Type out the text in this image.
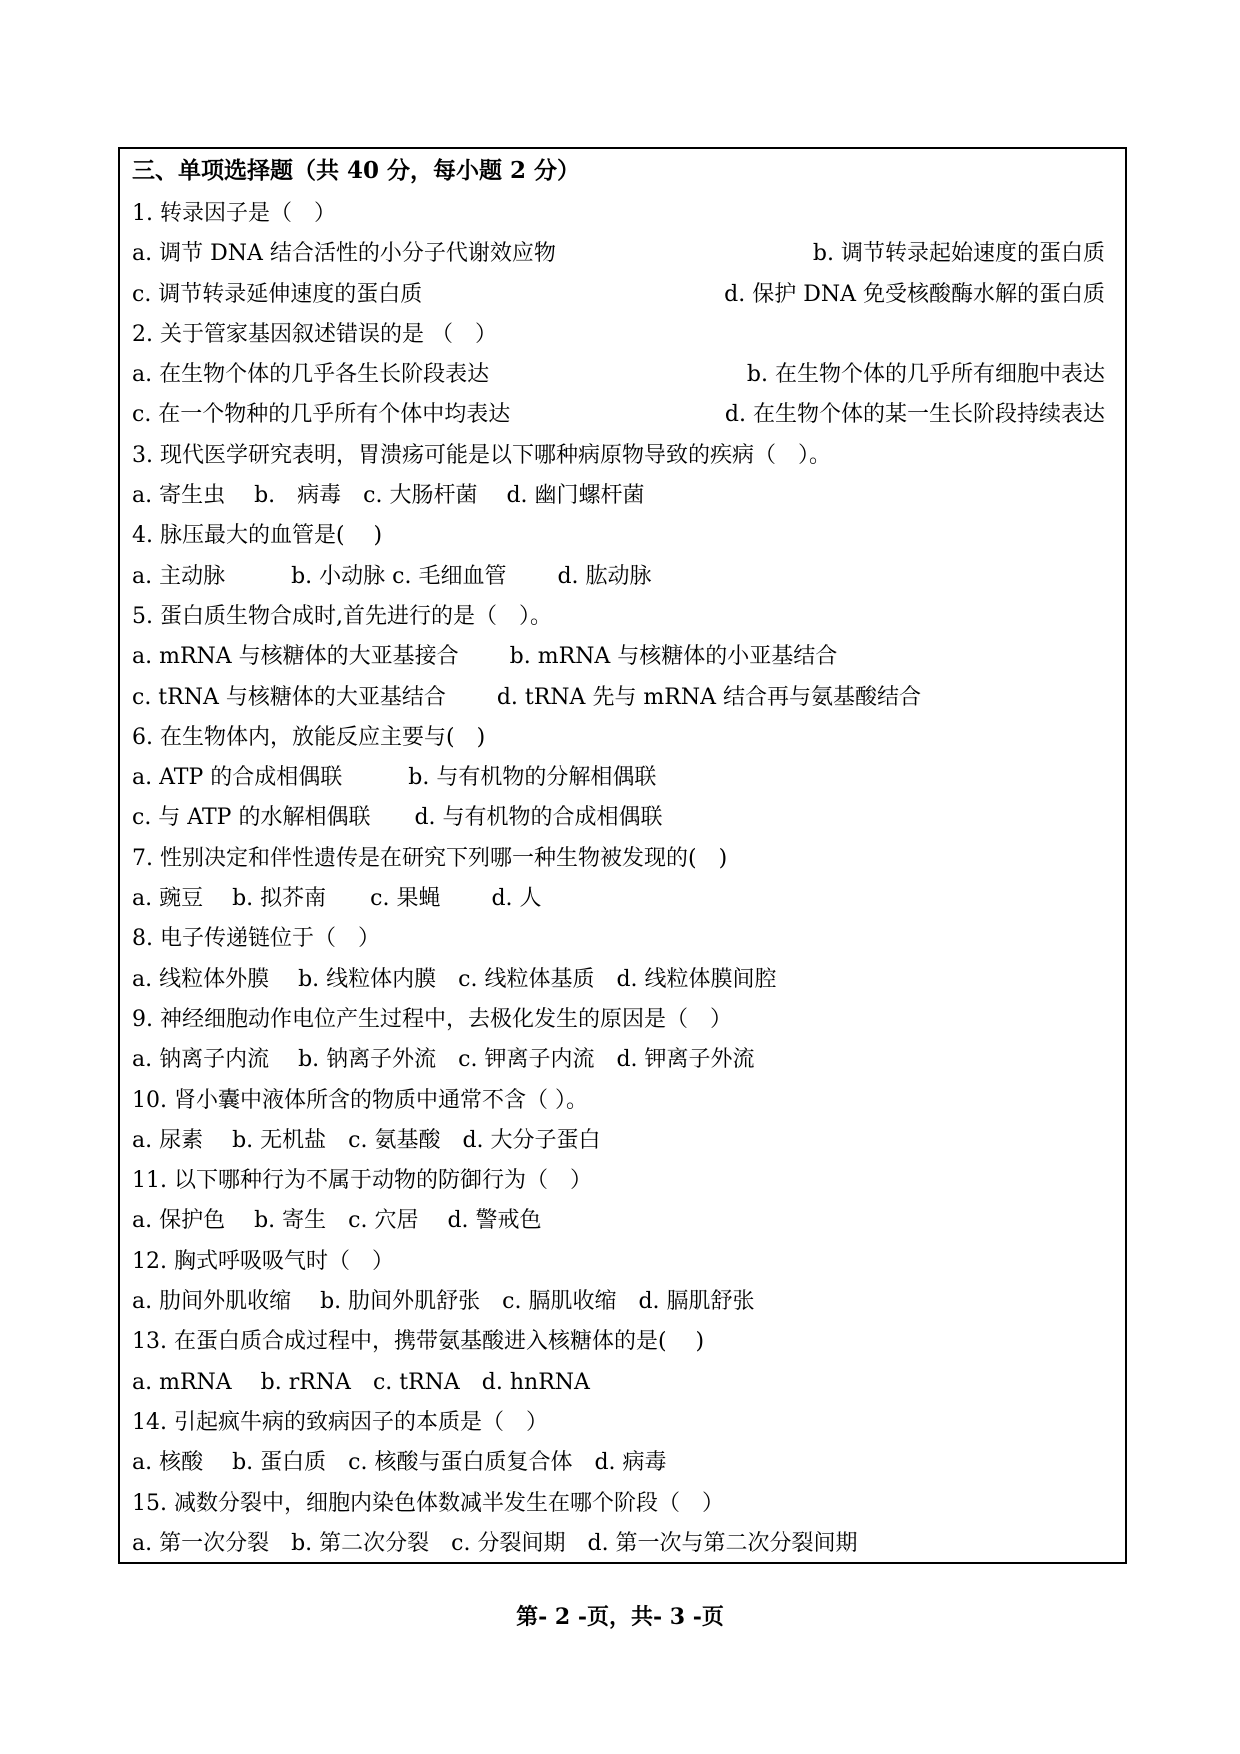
三、单项选择题（共 40 分，每小题 2 分）
1. 转录因子是（　）
a. 调节 DNA 结合活性的小分子代谢效应物	b. 调节转录起始速度的蛋白质
c. 调节转录延伸速度的蛋白质	d. 保护 DNA 免受核酸酶水解的蛋白质
2. 关于管家基因叙述错误的是 （　）
a. 在生物个体的几乎各生长阶段表达	b. 在生物个体的几乎所有细胞中表达
c. 在一个物种的几乎所有个体中均表达	d. 在生物个体的某一生长阶段持续表达
3. 现代医学研究表明，胃溃疡可能是以下哪种病原物导致的疾病（　）。
a. 寄生虫　 b.　病毒　c. 大肠杆菌　 d. 幽门螺杆菌
4. 脉压最大的血管是(　 )
a. 主动脉　　　b. 小动脉 c. 毛细血管　　 d. 肱动脉
5. 蛋白质生物合成时,首先进行的是（　）。
a. mRNA 与核糖体的大亚基接合　　 b. mRNA 与核糖体的小亚基结合
c. tRNA 与核糖体的大亚基结合　　 d. tRNA 先与 mRNA 结合再与氨基酸结合
6. 在生物体内，放能反应主要与(　)
a. ATP 的合成相偶联　　　b. 与有机物的分解相偶联
c. 与 ATP 的水解相偶联　　d. 与有机物的合成相偶联
7. 性别决定和伴性遗传是在研究下列哪一种生物被发现的(　)
a. 豌豆　 b. 拟芥南　　c. 果蝇　　 d. 人
8. 电子传递链位于（　）
a. 线粒体外膜　 b. 线粒体内膜　c. 线粒体基质　d. 线粒体膜间腔
9. 神经细胞动作电位产生过程中，去极化发生的原因是（　）
a. 钠离子内流　 b. 钠离子外流　c. 钾离子内流　d. 钾离子外流
10. 肾小囊中液体所含的物质中通常不含（ ）。
a. 尿素　 b. 无机盐　c. 氨基酸　d. 大分子蛋白
11. 以下哪种行为不属于动物的防御行为（　）
a. 保护色　 b. 寄生　c. 穴居　 d. 警戒色
12. 胸式呼吸吸气时（　）
a. 肋间外肌收缩　 b. 肋间外肌舒张　c. 膈肌收缩　d. 膈肌舒张
13. 在蛋白质合成过程中，携带氨基酸进入核糖体的是(　 )
a. mRNA　 b. rRNA　c. tRNA　d. hnRNA
14. 引起疯牛病的致病因子的本质是（　）
a. 核酸　 b. 蛋白质　c. 核酸与蛋白质复合体　d. 病毒
15. 减数分裂中，细胞内染色体数减半发生在哪个阶段（　）
a. 第一次分裂　b. 第二次分裂　c. 分裂间期　d. 第一次与第二次分裂间期
第- 2 -页，共- 3 -页
